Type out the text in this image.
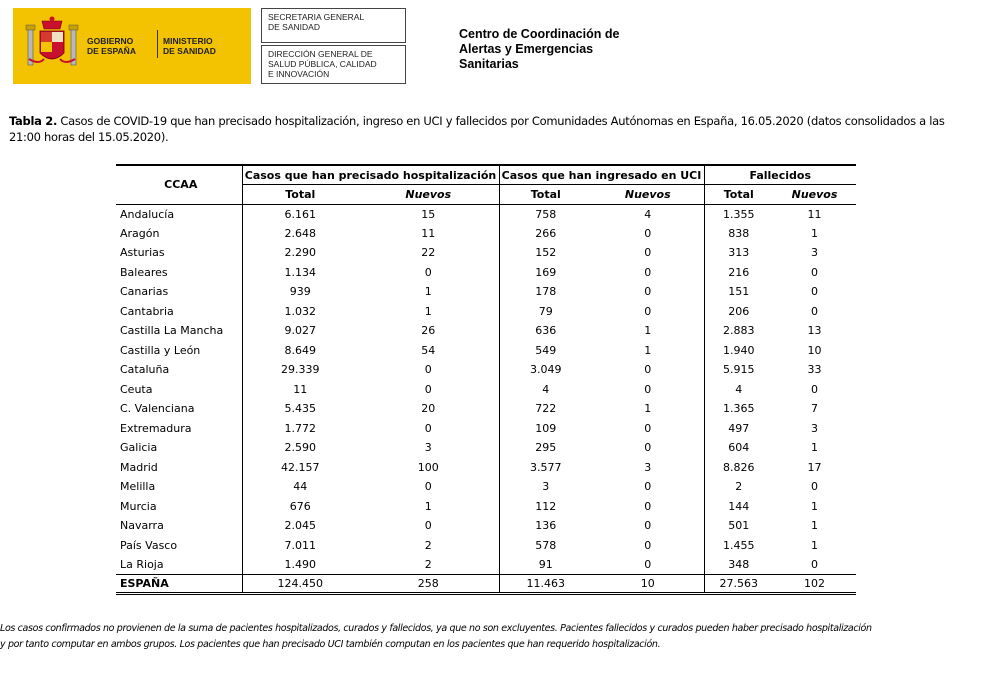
GOBIERNO
DE ESPAÑA
MINISTERIO
DE SANIDAD
SECRETARIA GENERAL
DE SANIDAD
DIRECCIÓN GENERAL DE
SALUD PÚBLICA, CALIDAD
E INNOVACIÓN
Centro de Coordinación de
Alertas y Emergencias
Sanitarias
Tabla 2. Casos de COVID-19 que han precisado hospitalización, ingreso en UCI y fallecidos por Comunidades Autónomas en España, 16.05.2020 (datos consolidados a las 21:00 horas del 15.05.2020).
CCAA	Casos que han precisado hospitalización		Casos que han ingresado en UCI		Fallecidos	
	Total	Nuevos	Total	Nuevos	Total	Nuevos
Andalucía	6.161	15	758	4	1.355	11
Aragón	2.648	11	266	0	838	1
Asturias	2.290	22	152	0	313	3
Baleares	1.134	0	169	0	216	0
Canarias	939	1	178	0	151	0
Cantabria	1.032	1	79	0	206	0
Castilla La Mancha	9.027	26	636	1	2.883	13
Castilla y León	8.649	54	549	1	1.940	10
Cataluña	29.339	0	3.049	0	5.915	33
Ceuta	11	0	4	0	4	0
C. Valenciana	5.435	20	722	1	1.365	7
Extremadura	1.772	0	109	0	497	3
Galicia	2.590	3	295	0	604	1
Madrid	42.157	100	3.577	3	8.826	17
Melilla	44	0	3	0	2	0
Murcia	676	1	112	0	144	1
Navarra	2.045	0	136	0	501	1
País Vasco	7.011	2	578	0	1.455	1
La Rioja	1.490	2	91	0	348	0
ESPAÑA	124.450	258	11.463	10	27.563	102
Los casos confirmados no provienen de la suma de pacientes hospitalizados, curados y fallecidos, ya que no son excluyentes. Pacientes fallecidos y curados pueden haber precisado hospitalización
y por tanto computar en ambos grupos. Los pacientes que han precisado UCI también computan en los pacientes que han requerido hospitalización.
